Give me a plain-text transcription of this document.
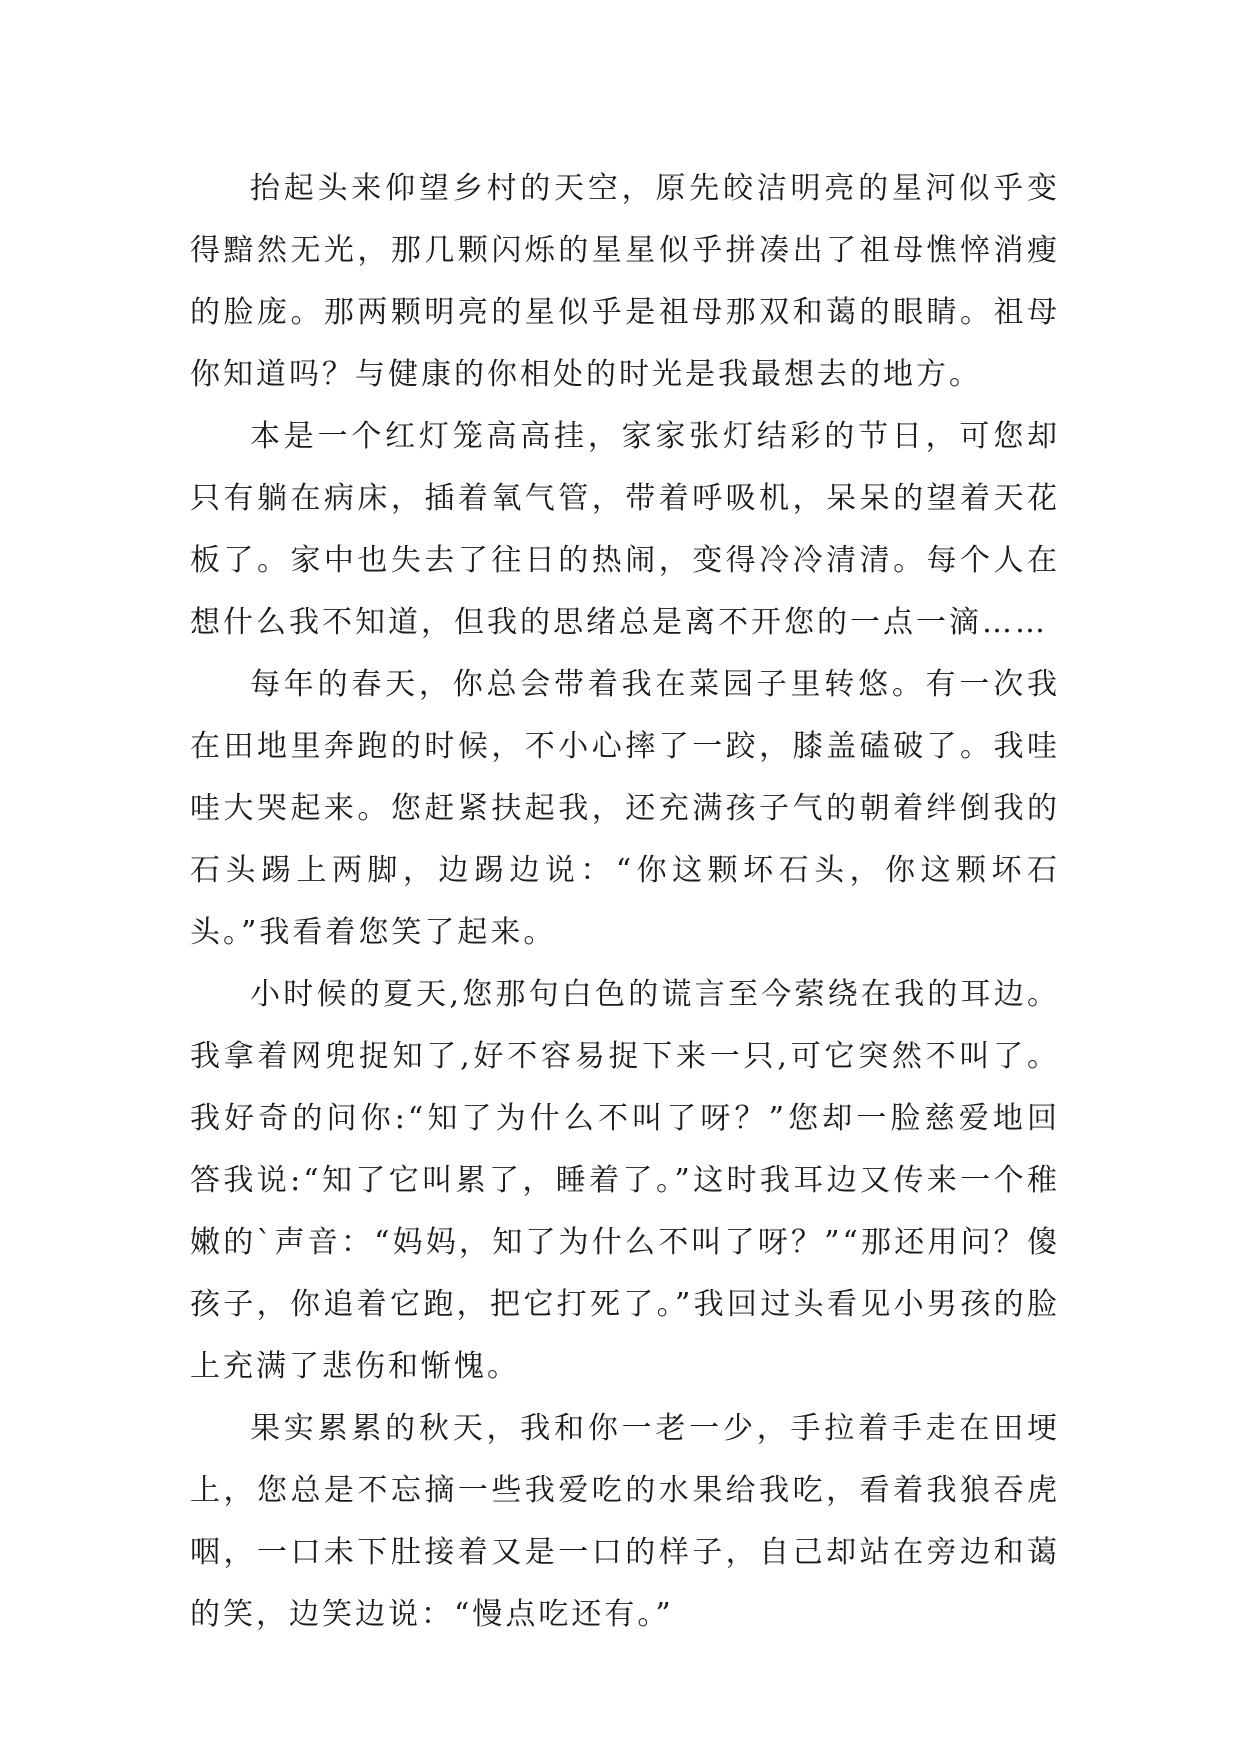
抬起头来仰望乡村的天空，原先皎洁明亮的星河似乎变得黯然无光，那几颗闪烁的星星似乎拼凑出了祖母憔悴消瘦的脸庞。那两颗明亮的星似乎是祖母那双和蔼的眼睛。祖母你知道吗？与健康的你相处的时光是我最想去的地方。

本是一个红灯笼高高挂，家家张灯结彩的节日，可您却只有躺在病床，插着氧气管，带着呼吸机，呆呆的望着天花板了。家中也失去了往日的热闹，变得冷冷清清。每个人在想什么我不知道，但我的思绪总是离不开您的一点一滴……

每年的春天，你总会带着我在菜园子里转悠。有一次我在田地里奔跑的时候，不小心摔了一跤，膝盖磕破了。我哇哇大哭起来。您赶紧扶起我，还充满孩子气的朝着绊倒我的石头踢上两脚，边踢边说：“你这颗坏石头，你这颗坏石头。”我看着您笑了起来。

小时候的夏天,您那句白色的谎言至今萦绕在我的耳边。我拿着网兜捉知了,好不容易捉下来一只,可它突然不叫了。我好奇的问你:“知了为什么不叫了呀？”您却一脸慈爱地回答我说:“知了它叫累了，睡着了。”这时我耳边又传来一个稚嫩的`声音：“妈妈，知了为什么不叫了呀？”“那还用问？傻孩子，你追着它跑，把它打死了。”我回过头看见小男孩的脸上充满了悲伤和惭愧。

果实累累的秋天，我和你一老一少，手拉着手走在田埂上，您总是不忘摘一些我爱吃的水果给我吃，看着我狼吞虎咽，一口未下肚接着又是一口的样子，自己却站在旁边和蔼的笑，边笑边说：“慢点吃还有。”
